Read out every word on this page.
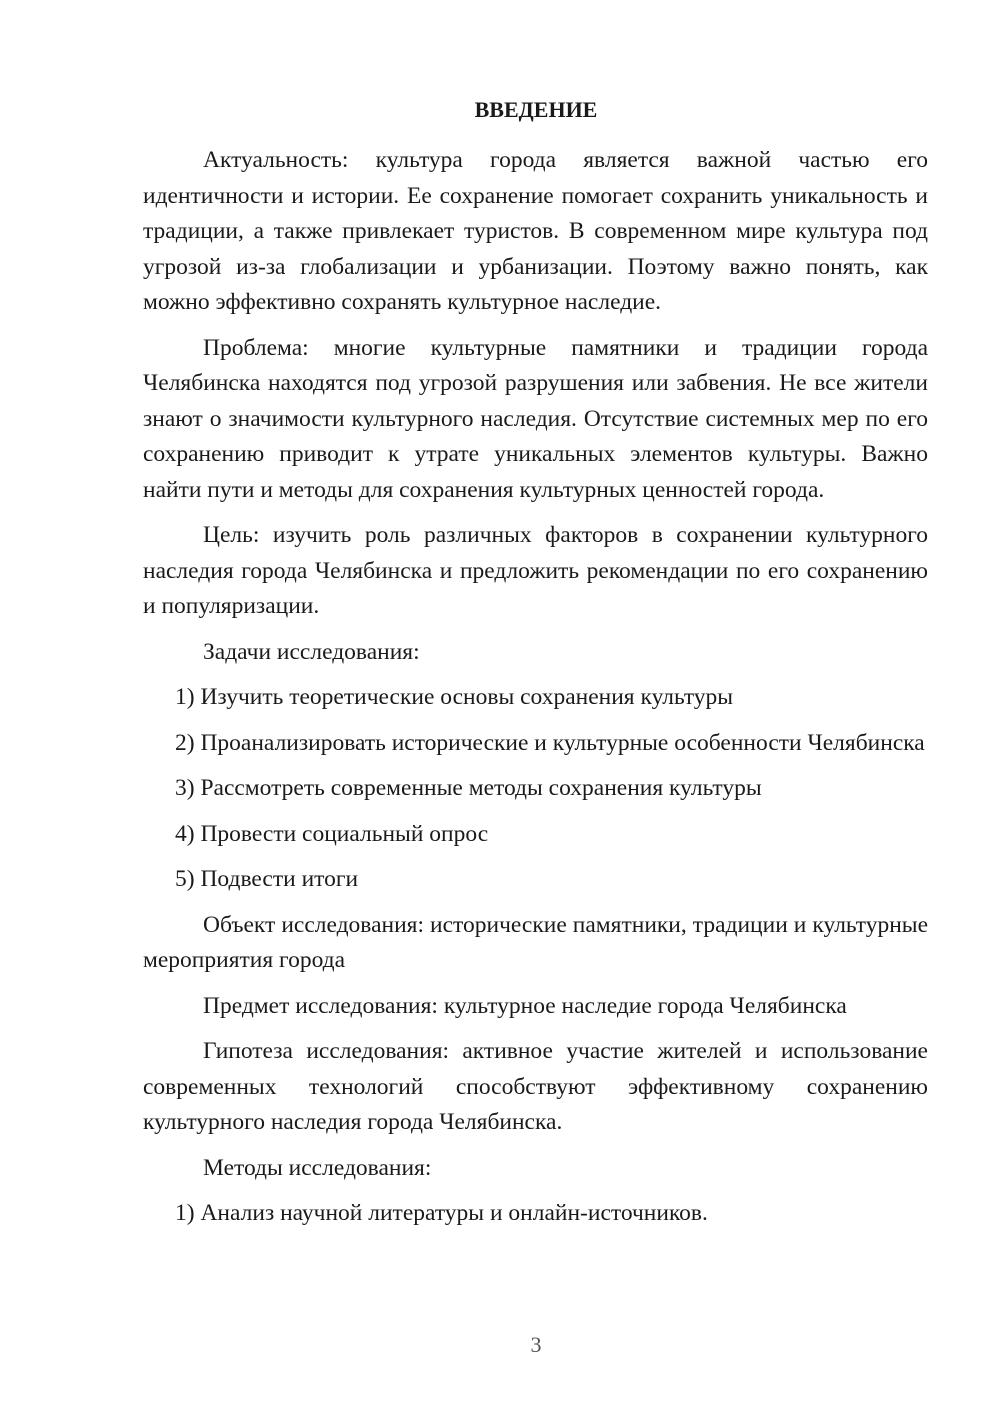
ВВЕДЕНИЕ

Актуальность: культура города является важной частью его идентичности и истории. Ее сохранение помогает сохранить уникальность и традиции, а также привлекает туристов. В современном мире культура под угрозой из-за глобализации и урбанизации. Поэтому важно понять, как можно эффективно сохранять культурное наследие.

Проблема: многие культурные памятники и традиции города Челябинска находятся под угрозой разрушения или забвения. Не все жители знают о значимости культурного наследия. Отсутствие системных мер по его сохранению приводит к утрате уникальных элементов культуры. Важно найти пути и методы для сохранения культурных ценностей города.

Цель: изучить роль различных факторов в сохранении культурного наследия города Челябинска и предложить рекомендации по его сохранению и популяризации.

Задачи исследования:

1) Изучить теоретические основы сохранения культуры

2) Проанализировать исторические и культурные особенности Челябинска

3) Рассмотреть современные методы сохранения культуры

4) Провести социальный опрос

5) Подвести итоги

Объект исследования: исторические памятники, традиции и культурные мероприятия города

Предмет исследования: культурное наследие города Челябинска

Гипотеза исследования: активное участие жителей и использование современных технологий способствуют эффективному сохранению культурного наследия города Челябинска.

Методы исследования:

1) Анализ научной литературы и онлайн-источников.

3
